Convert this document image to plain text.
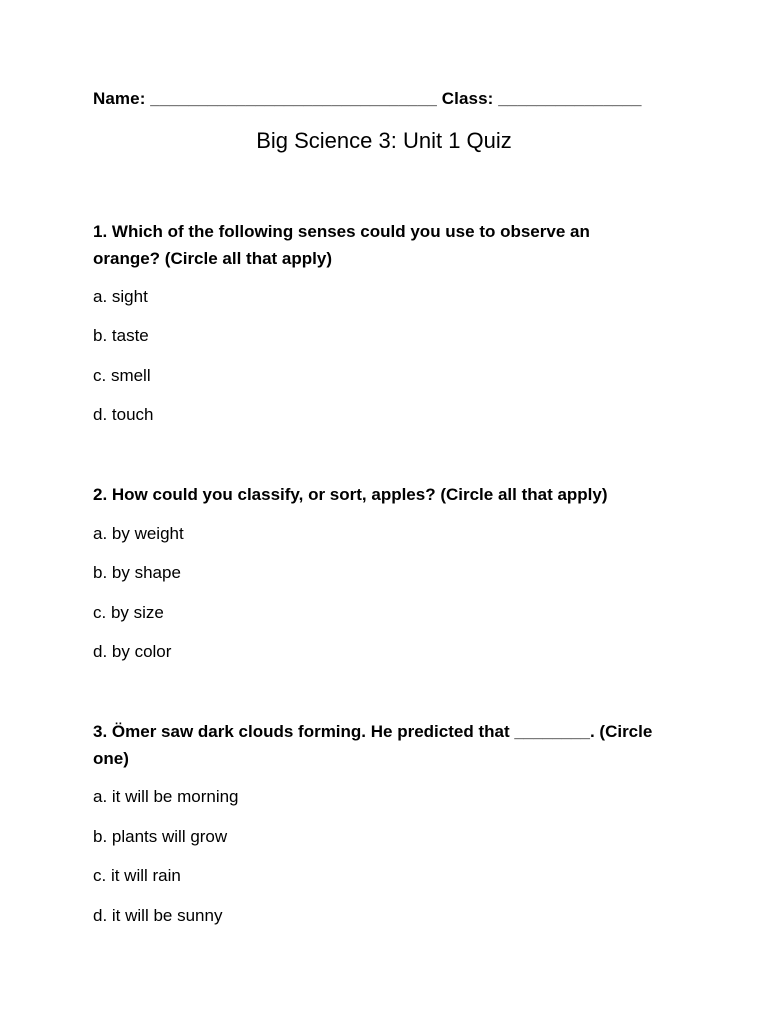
Name: ______________________________ Class: _______________
Big Science 3: Unit 1 Quiz
1. Which of the following senses could you use to observe an orange? (Circle all that apply)
a. sight
b. taste
c. smell
d. touch
2. How could you classify, or sort, apples? (Circle all that apply)
a. by weight
b. by shape
c. by size
d. by color
3. Ömer saw dark clouds forming. He predicted that ________. (Circle one)
a. it will be morning
b. plants will grow
c. it will rain
d. it will be sunny
